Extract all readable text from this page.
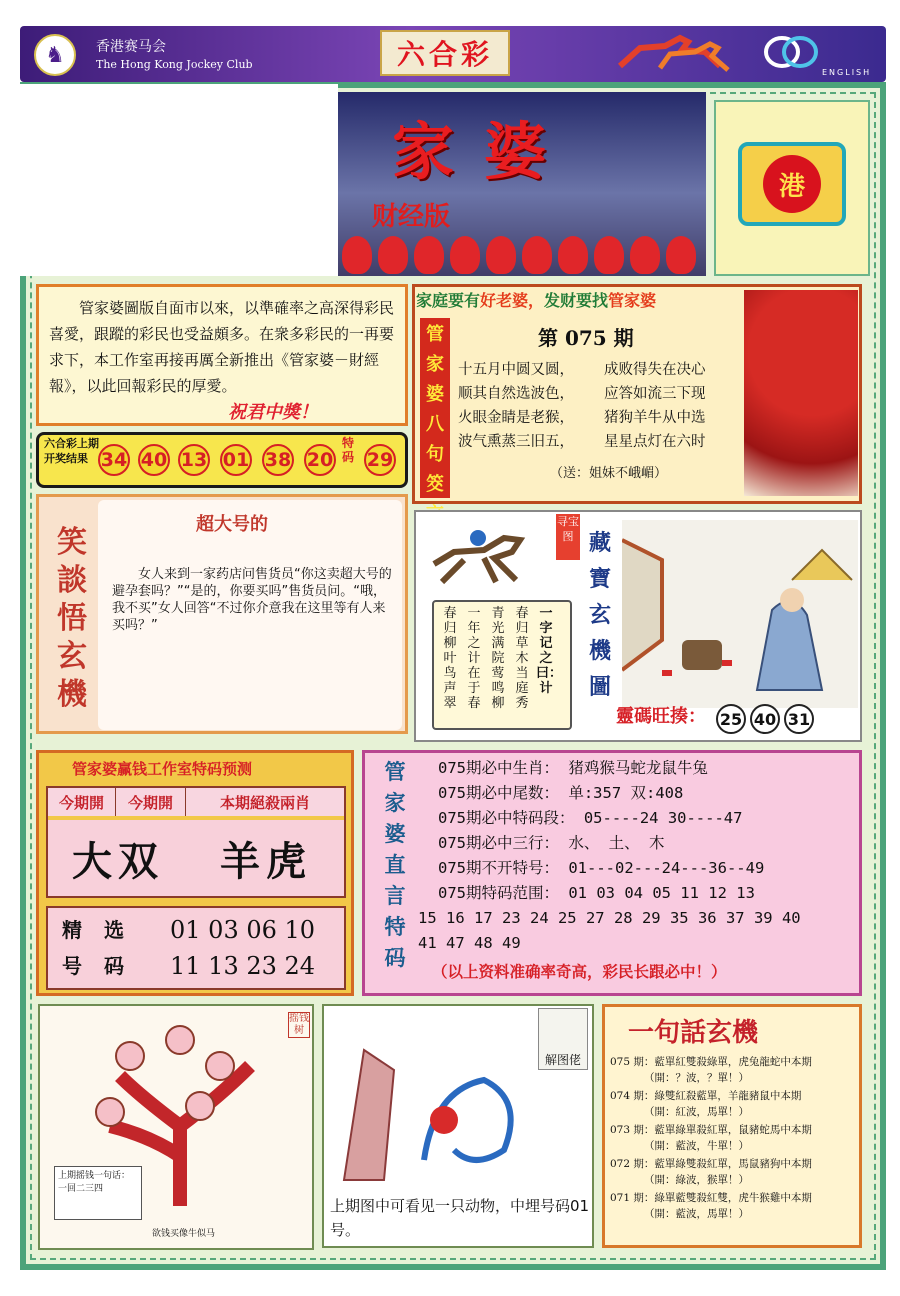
♞	香港赛马会
The Hong Kong Jockey Club	六合彩
ENGLISH
家婆
财经版
港
管家婆圖版自面市以來，以準確率之高深得彩民喜愛，跟蹤的彩民也受益頗多。在衆多彩民的一再要求下，本工作室再接再厲全新推出《管家婆－財經報》，以此回報彩民的厚愛。
祝君中獎！
六合彩上期开奖结果 34 40 13 01 38 20
特码 29
家庭要有好老婆，发财要找管家婆
管家婆八句筊
第 075 期
十五月中圆又圆， 成败得失在决心
顺其自然选波色， 应答如流三下现
火眼金睛是老猴， 猪狗羊牛从中选
波气熏蒸三旧五， 星星点灯在六时
（送：姐妹不峨嵋）
笑談悟玄機
超大号的
女人来到一家药店问售货员“你这卖超大号的避孕套吗？”“是的，你要买吗”售货员问。“哦，我不买”女人回答“不过你介意我在这里等有人来买吗？”
寻宝图 藏寶玄機圖
一字记之曰：计
春归草木当庭秀
青光满院莺鸣柳
一年之计在于春
春归柳叶鸟声翠
靈碼旺揍： 25 40 31
管家婆赢钱工作室特码预测
今期開	今期開	本期絕殺兩肖
大双	羊虎
精选号码
01 03 06 10
11 13 23 24
管家婆直言特码
075期必中生肖： 猪鸡猴马蛇龙鼠牛兔
075期必中尾数： 单:357 双:408
075期必中特码段： 05----24 30----47
075期必中三行： 水、 土、 木
075期不开特号： 01---02---24---36--49
075期特码范围： 01 03 04 05 11 12 13
15 16 17 23 24 25 27 28 29 35 36 37 39 40
41 47 48 49
（以上资料准确率奇高，彩民长跟必中！）
摇钱树
上期摇钱一句话：一回二三四
欲钱买像牛似马
解图佬
上期图中可看见一只动物，中埋号码01号。
一句話玄機
075 期：藍單紅雙殺綠單，虎兔龍蛇中本期
（開：？波，？單！）
074 期：綠雙紅殺藍單，羊龍豬鼠中本期
（開：紅波，馬單！）
073 期：藍單綠單殺紅單，鼠豬蛇馬中本期
（開：藍波，牛單！）
072 期：藍單綠雙殺紅單，馬鼠豬狗中本期
（開：綠波，猴單！）
071 期：綠單藍雙殺紅雙，虎牛猴雞中本期
（開：藍波，馬單！）
